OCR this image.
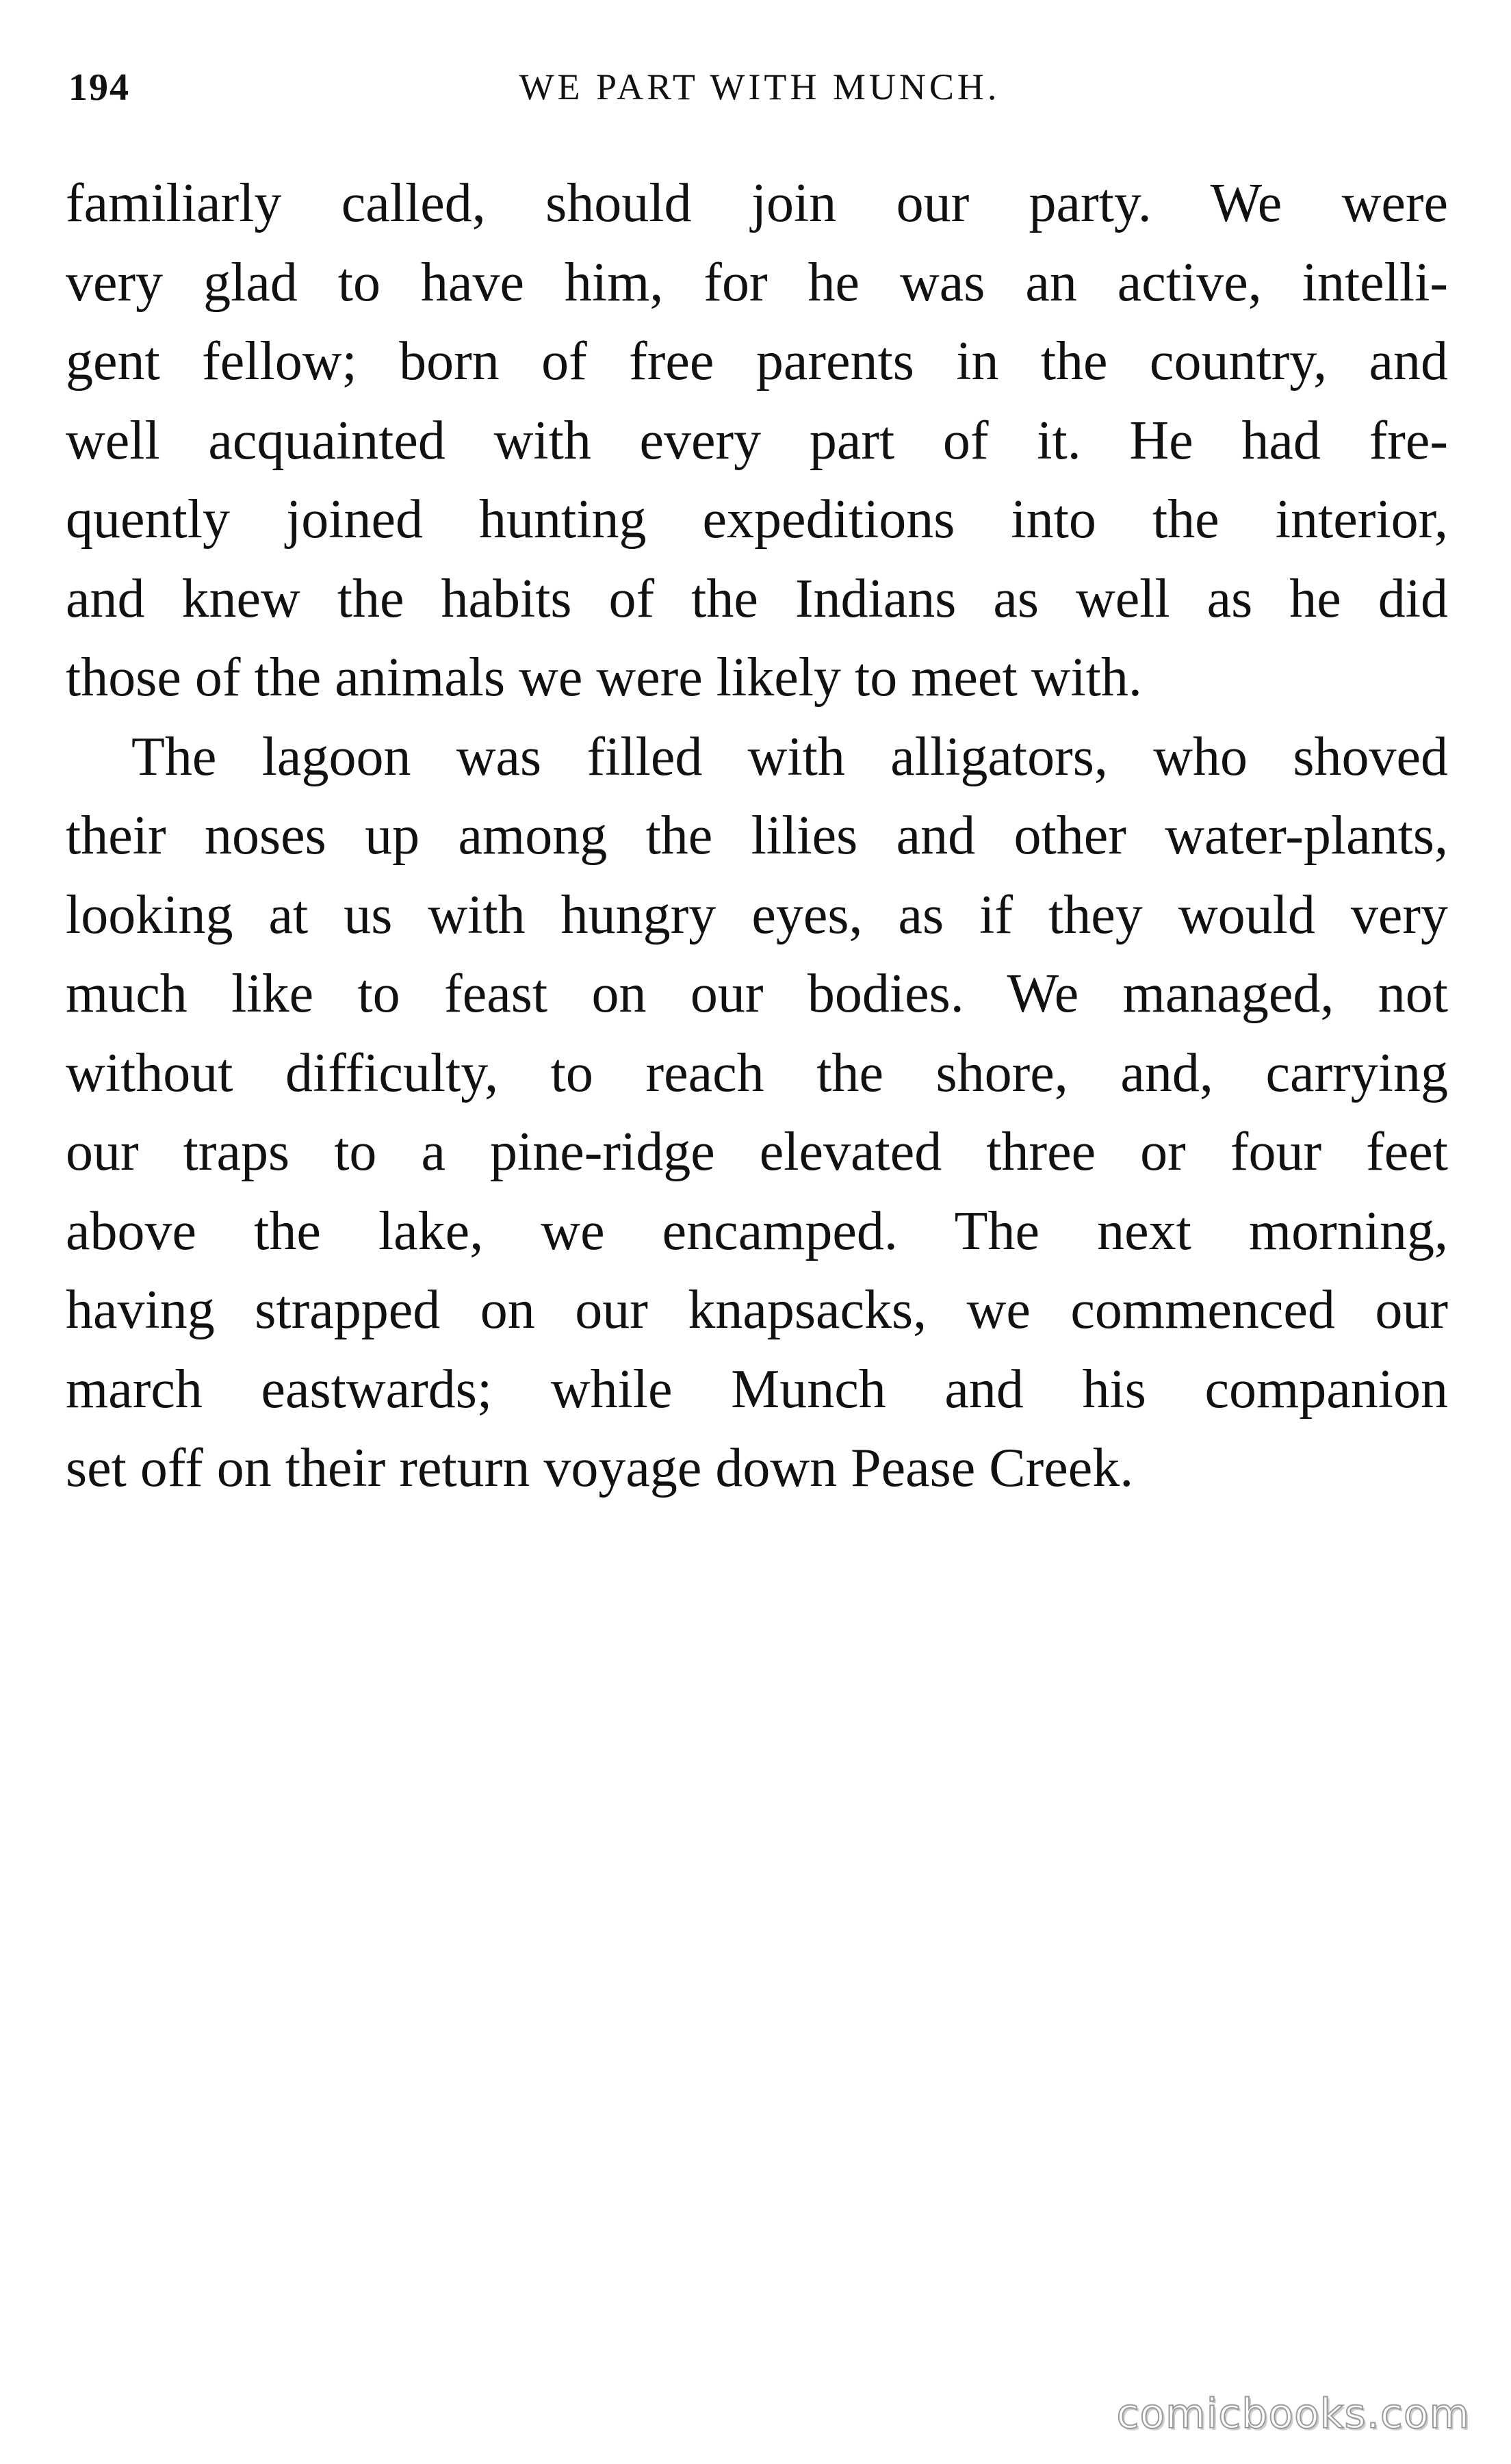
194	WE PART WITH MUNCH.
familiarly called, should join our party. We were
very glad to have him, for he was an active, intelli-
gent fellow; born of free parents in the country, and
well acquainted with every part of it. He had fre-
quently joined hunting expeditions into the interior,
and knew the habits of the Indians as well as he did
those of the animals we were likely to meet with.
The lagoon was filled with alligators, who shoved
their noses up among the lilies and other water-plants,
looking at us with hungry eyes, as if they would very
much like to feast on our bodies. We managed, not
without difficulty, to reach the shore, and, carrying
our traps to a pine-ridge elevated three or four feet
above the lake, we encamped. The next morning,
having strapped on our knapsacks, we commenced our
march eastwards; while Munch and his companion
set off on their return voyage down Pease Creek.
comicbooks.com
